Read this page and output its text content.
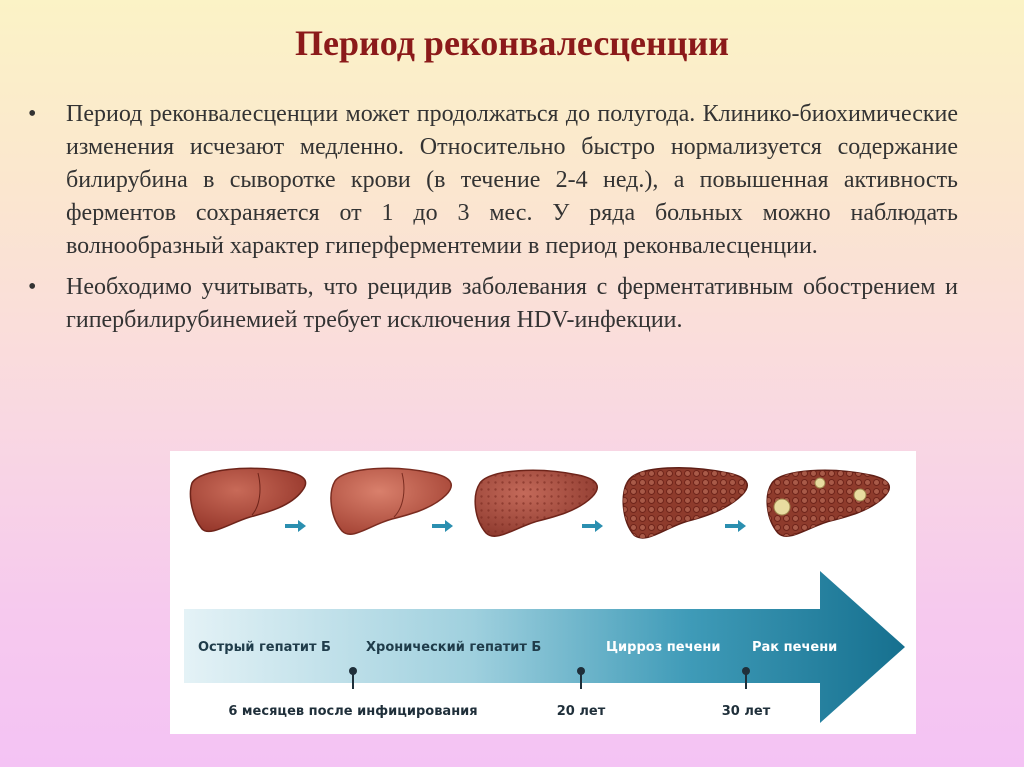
Период реконвалесценции
• Период реконвалесценции может продолжаться до полугода. Клинико-биохимические изменения исчезают медленно. Относительно быстро нормализуется содержание билирубина в сыворотке крови (в течение 2-4 нед.), а повышенная активность ферментов сохраняется от 1 до 3 мес. У ряда больных можно наблюдать волнообразный характер гиперферментемии в период реконвалесценции.
• Необходимо учитывать, что рецидив заболевания с ферментативным обострением и гипербилирубинемией требует исключения HDV-инфекции.
Острый гепатит Б	Хронический гепатит Б	Цирроз печени Рак печени
6 месяцев после инфицирования	20 лет	30 лет
